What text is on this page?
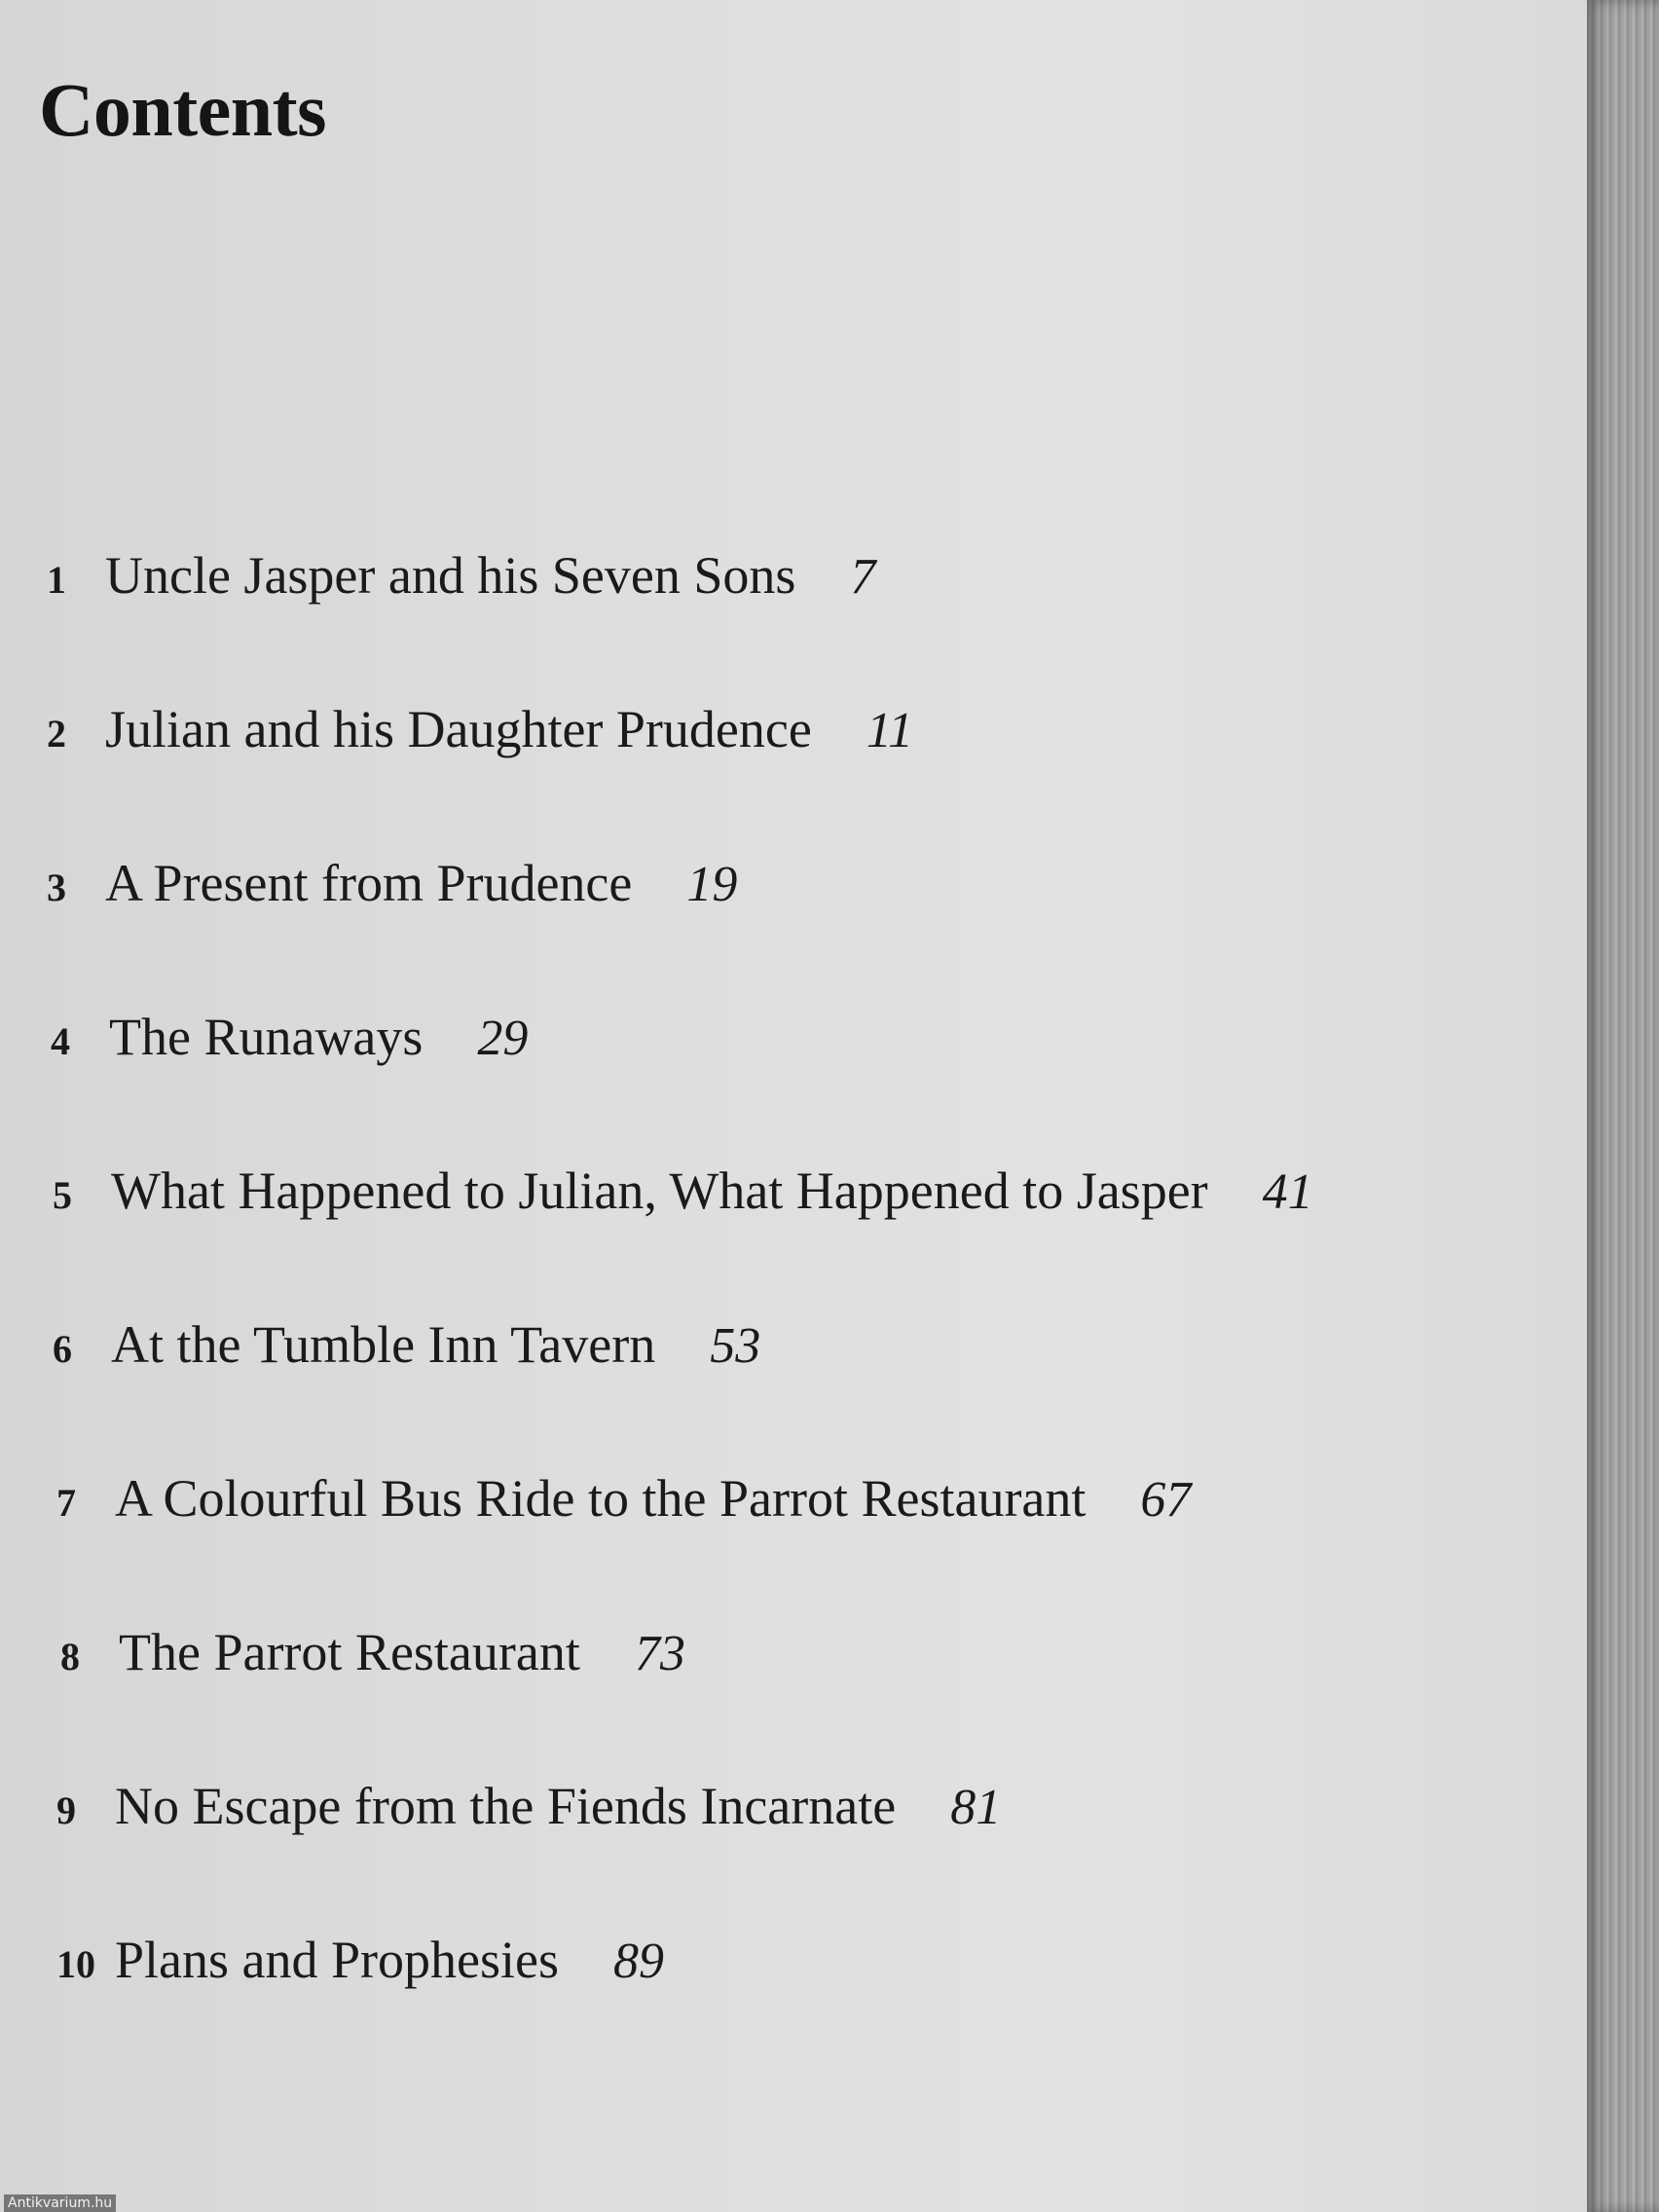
Contents
1 Uncle Jasper and his Seven Sons 7
2 Julian and his Daughter Prudence 11
3 A Present from Prudence 19
4 The Runaways 29
5 What Happened to Julian, What Happened to Jasper 41
6 At the Tumble Inn Tavern 53
7 A Colourful Bus Ride to the Parrot Restaurant 67
8 The Parrot Restaurant 73
9 No Escape from the Fiends Incarnate 81
10 Plans and Prophesies 89
Antikvarium.hu
